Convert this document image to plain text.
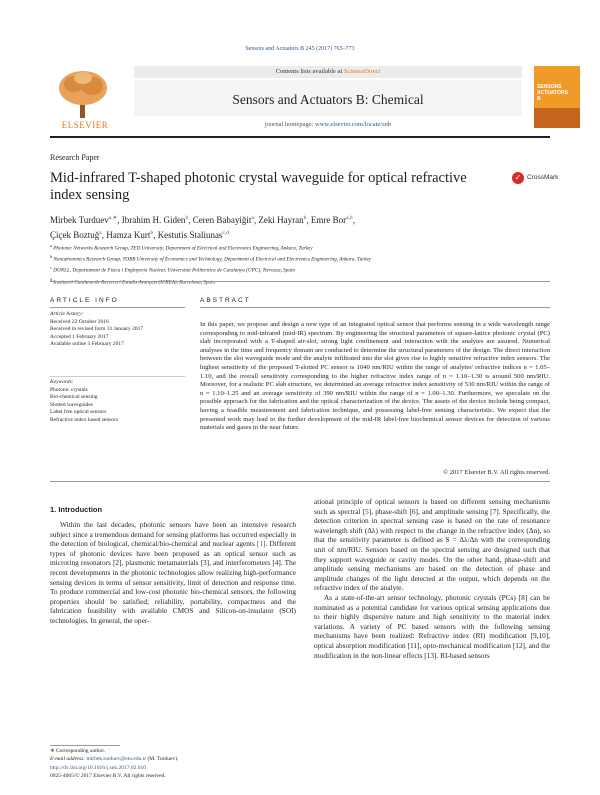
Sensors and Actuators B 245 (2017) 765–773
ELSEVIER
Contents lists available at ScienceDirect
Sensors and Actuators B: Chemical
journal homepage: www.elsevier.com/locate/snb
SENSORS
ACTUATORS
B
Research Paper
Mid-infrared T-shaped photonic crystal waveguide for optical refractive index sensing
✓ CrossMark
Mirbek Turduev$^{a,∗}$, Ibrahim H. Giden$^b$, Ceren Babayiğit$^a$, Zeki Hayran$^b$, Emre Bor$^{a,b}$,
Çiçek Boztuğ$^a$, Hamza Kurt$^b$, Kestutis Staliunas$^{c,d}$
$^a$ Photonic Networks Research Group, TED University, Department of Electrical and Electronics Engineering, Ankara, Turkey
$^b$ Nanophotonics Research Group, TOBB University of Economics and Technology, Department of Electrical and Electronics Engineering, Ankara, Turkey
$^c$ DONLL, Departament de Física i Enginyeria Nuclear, Universitat Politècnica de Catalunya (UPC), Terrassa, Spain
$^d$ Institució Catalana de Recerca i Estudis Avançats (ICREA), Barcelona, Spain
ARTICLE INFO	ABSTRACT
Article history:
Received 22 October 2016
Received in revised form 31 January 2017
Accepted 1 February 2017
Available online 3 February 2017
Keywords:
Photonic crystals
Bio-chemical sensing
Slotted waveguides
Label free optical sensors
Refractive index based sensors
In this paper, we propose and design a new type of an integrated optical sensor that performs sensing in a wide wavelength range corresponding to mid-infrared (mid-IR) spectrum. By engineering the structural parameters of square-lattice photonic crystal (PC) slab incorporated with a T-shaped air-slot, strong light confinement and interaction with the analytes are assured. Numerical analyses in the time and frequency domain are conducted to determine the structural parameters of the design. The direct interaction between the slot waveguide mode and the analyte infiltrated into the slot gives rise to highly sensitive refractive index sensors. The highest sensitivity of the proposed T-slotted PC sensor is 1040 nm/RIU within the range of analytes' refractive indices n = 1.05–1.10, and the overall sensitivity corresponding to the higher refractive index range of n = 1.10–1.30 is around 500 nm/RIU. Moreover, for a realistic PC slab structure, we determined an average refractive index sensitivity of 530 nm/RIU within the range of n = 1.10–1.25 and an average sensitivity of 390 nm/RIU within the range of n = 1.00–1.30. Furthermore, we speculate on the possible approach for the fabrication and the optical characterization of the device. The assets of the device include being compact, having a feasible measurement and fabrication technique, and possessing label-free sensing characteristic. We expect that the presented work may lead to the further development of the mid-IR label-free biochemical sensor devices for detection of various materials and gases in the near future.
© 2017 Elsevier B.V. All rights reserved.
1. Introduction

Within the last decades, photonic sensors have been an intensive research subject since a tremendous demand for sensing platforms has occurred especially in the detection of biological, chemical/bio-chemical and nuclear agents [1]. Different types of photonic devices have been proposed as an optical sensor such as microring resonators [2], plasmonic metamaterials [3], and interferometers [4]. The recent developments in the photonic technologies allow realizing high-performance sensing devices in terms of sensor sensitivity, limit of detection and response time. To produce commercial and low-cost photonic bio-chemical sensors, the following properties should be satisfied; reliability, portability, compactness and the fabrication feasibility with available CMOS and Silicon-on-insulator (SOI) technologies. In general, the oper-

ational principle of optical sensors is based on different sensing mechanisms such as spectral [5], phase-shift [6], and amplitude sensing [7]. Specifically, the detection criterion in spectral sensing case is based on the rate of resonance wavelength shift (Δλ) with respect to the change in the refractive index (Δn), so that the sensitivity parameter is defined as S = Δλ/Δn with the corresponding unit of nm/RIU. Sensors based on the spectral sensing are designed such that they support waveguide or cavity modes. On the other hand, phase-shift and amplitude sensing mechanisms are based on the detection of phase and amplitude changes of the light detected at the output, which depends on the refractive index of the analyte.

As a state-of-the-art sensor technology, photonic crystals (PCs) [8] can be nominated as a potential candidate for various optical sensing applications due to their highly dispersive nature and high sensitivity to the material index variations. A variety of PC based sensors with the following sensing mechanisms have been realized: Refractive index (RI) modification [9,10], optical absorption modification [11], opto-mechanical modification [12], and the modification in the non-linear effects [13]. RI-based sensors

∗ Corresponding author.
E-mail address: mirbek.turduev@etu.edu.tr (M. Turduev).
http://dx.doi.org/10.1016/j.snb.2017.02.010
0925-4005/© 2017 Elsevier B.V. All rights reserved.
